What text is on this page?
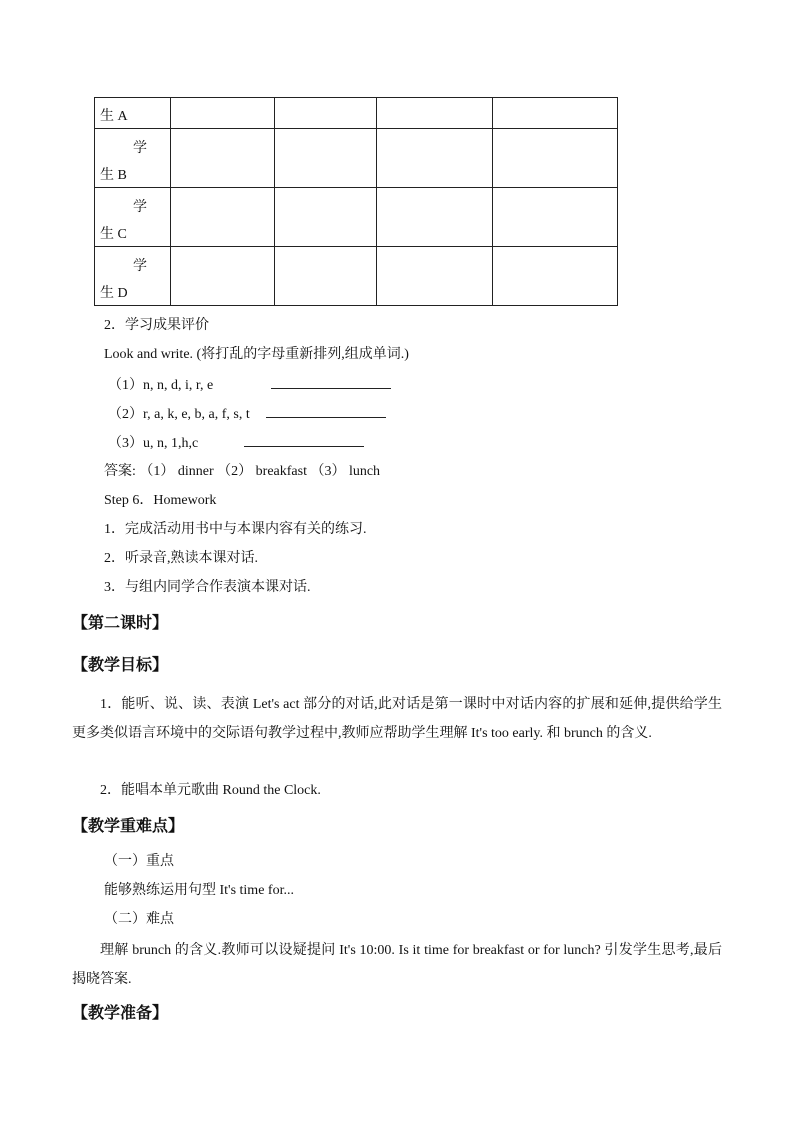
生 A				

学
生 B				

学
生 C				

学
生 D				

2．学习成果评价
Look and write. (将打乱的字母重新排列,组成单词.)
（1）n, n, d, i, r, e
（2）r, a, k, e, b, a, f, s, t
（3）u, n, 1,h,c
答案: （1） dinner （2） breakfast （3） lunch
Step 6．Homework
1．完成活动用书中与本课内容有关的练习.
2．听录音,熟读本课对话.
3．与组内同学合作表演本课对话.
【第二课时】
【教学目标】
1．能听、说、读、表演 Let's act 部分的对话,此对话是第一课时中对话内容的扩展和延伸,提供给学生更多类似语言环境中的交际语句教学过程中,教师应帮助学生理解 It's too early. 和 brunch 的含义.
2．能唱本单元歌曲 Round the Clock.
【教学重难点】
（一）重点
能够熟练运用句型 It's time for...
（二）难点
理解 brunch 的含义.教师可以设疑提问 It's 10:00. Is it time for breakfast or for lunch? 引发学生思考,最后揭晓答案.
【教学准备】
